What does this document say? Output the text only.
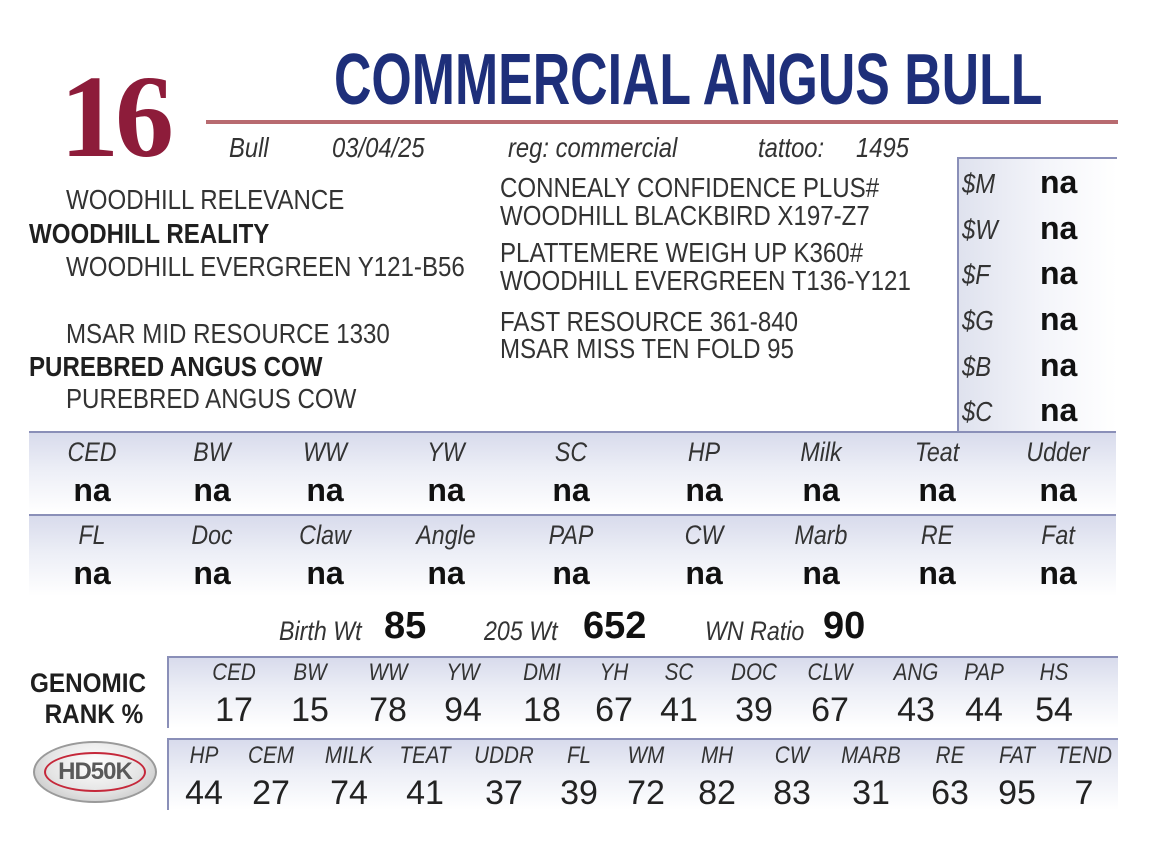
16 COMMERCIAL ANGUS BULL
Bull 03/04/25	reg: commercial	tattoo: 1495
WOODHILL RELEVANCE
WOODHILL REALITY
WOODHILL EVERGREEN Y121-B56
MSAR MID RESOURCE 1330
PUREBRED ANGUS COW
PUREBRED ANGUS COW
CONNEALY CONFIDENCE PLUS#
WOODHILL BLACKBIRD X197-Z7
PLATTEMERE WEIGH UP K360#
WOODHILL EVERGREEN T136-Y121
FAST RESOURCE 361-840
MSAR MISS TEN FOLD 95
$M na
$W na
$F na
$G na
$B na
$C na
CED
na
BW
na
WW
na
YW
na
SC
na
HP
na
Milk
na
Teat
na
Udder
na
FL
na
Doc
na
Claw
na
Angle
na
PAP
na
CW
na
Marb
na
RE
na
Fat
na
Birth Wt 85 205 Wt 652 WN Ratio 90
GENOMIC
RANK %
HD50K
CED
17
BW
15
WW
78
YW
94
DMI
18
YH
67
SC
41
DOC
39
CLW
67
ANG
43
PAP
44
HS
54
HP
44
CEM
27
MILK
74
TEAT
41
UDDR
37
FL
39
WM
72
MH
82
CW
83
MARB
31
RE
63
FAT
95
TEND
7
